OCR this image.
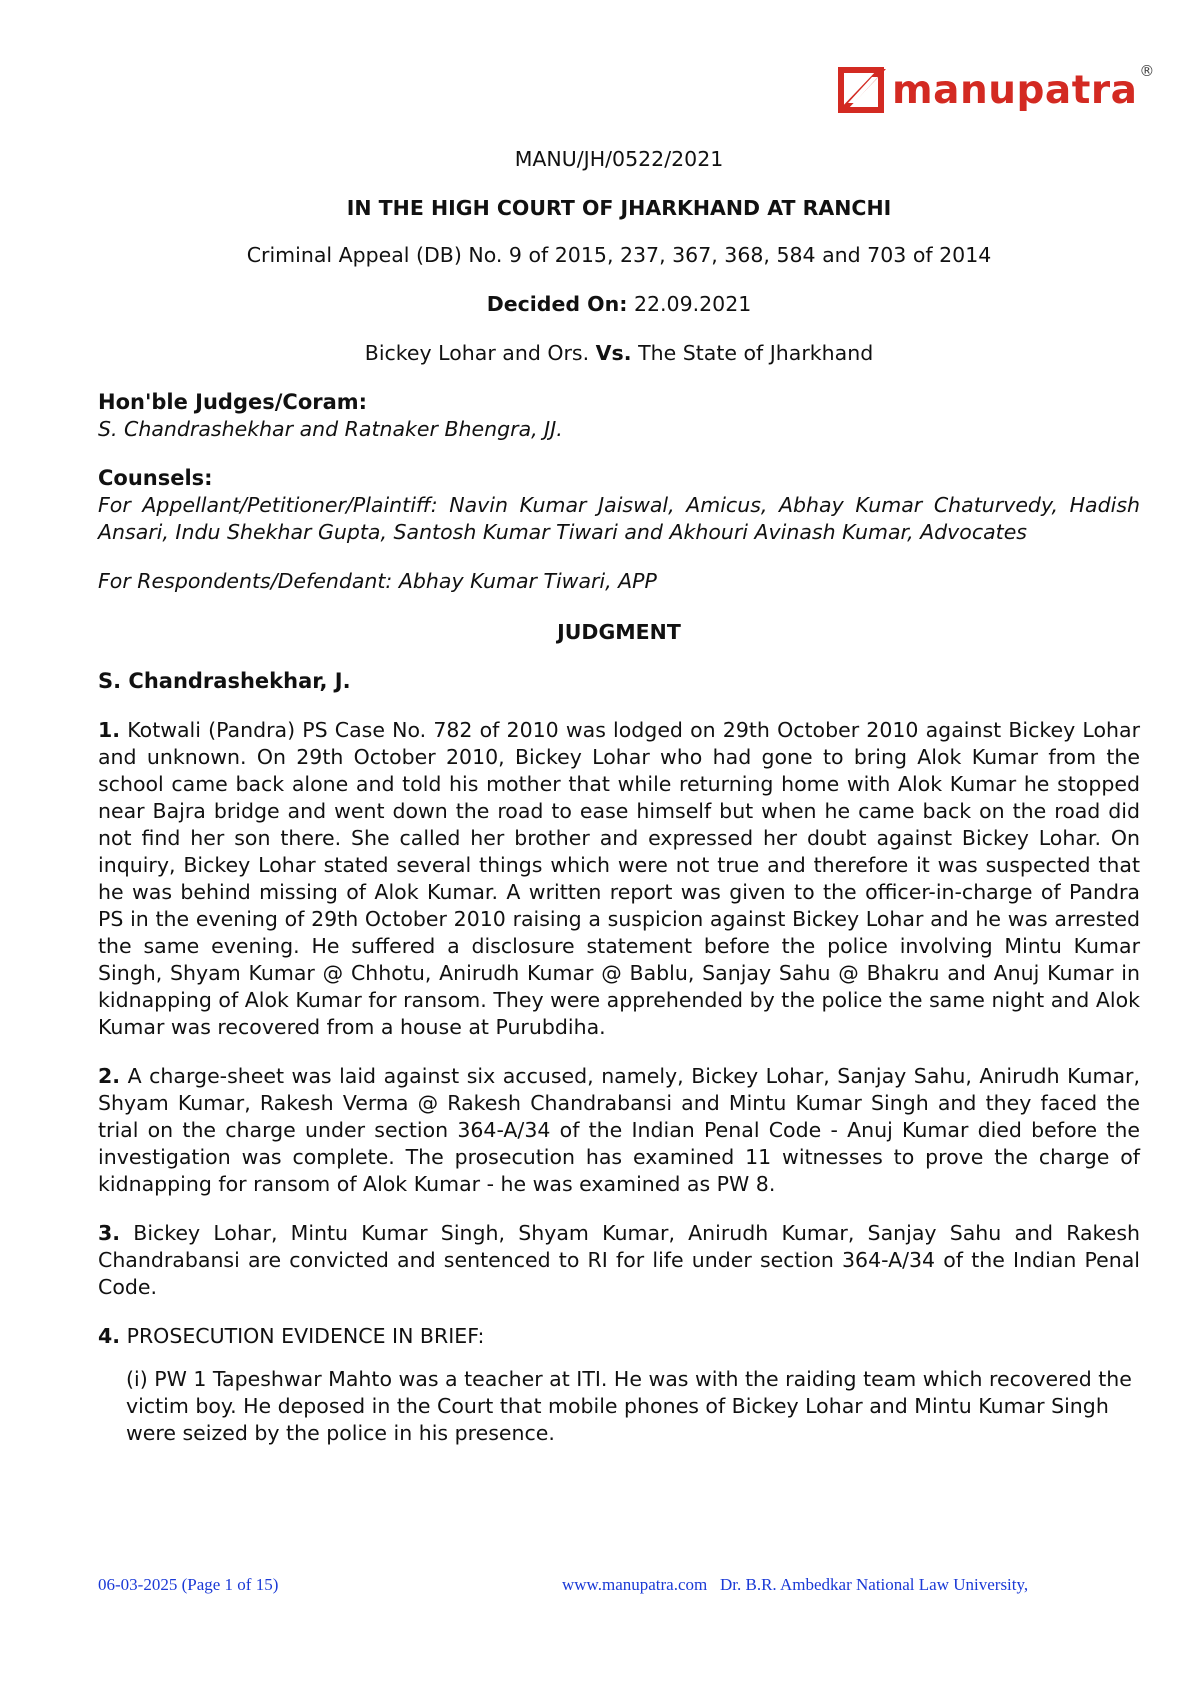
manupatra ®
MANU/JH/0522/2021
IN THE HIGH COURT OF JHARKHAND AT RANCHI
Criminal Appeal (DB) No. 9 of 2015, 237, 367, 368, 584 and 703 of 2014
Decided On: 22.09.2021
Bickey Lohar and Ors. Vs. The State of Jharkhand
Hon'ble Judges/Coram:
S. Chandrashekhar and Ratnaker Bhengra, JJ.
Counsels:
For Appellant/Petitioner/Plaintiff: Navin Kumar Jaiswal, Amicus, Abhay Kumar Chaturvedy, Hadish Ansari, Indu Shekhar Gupta, Santosh Kumar Tiwari and Akhouri Avinash Kumar, Advocates
For Respondents/Defendant: Abhay Kumar Tiwari, APP
JUDGMENT
S. Chandrashekhar, J.
1. Kotwali (Pandra) PS Case No. 782 of 2010 was lodged on 29th October 2010 against Bickey Lohar and unknown. On 29th October 2010, Bickey Lohar who had gone to bring Alok Kumar from the school came back alone and told his mother that while returning home with Alok Kumar he stopped near Bajra bridge and went down the road to ease himself but when he came back on the road did not find her son there. She called her brother and expressed her doubt against Bickey Lohar. On inquiry, Bickey Lohar stated several things which were not true and therefore it was suspected that he was behind missing of Alok Kumar. A written report was given to the officer-in-charge of Pandra PS in the evening of 29th October 2010 raising a suspicion against Bickey Lohar and he was arrested the same evening. He suffered a disclosure statement before the police involving Mintu Kumar Singh, Shyam Kumar @ Chhotu, Anirudh Kumar @ Bablu, Sanjay Sahu @ Bhakru and Anuj Kumar in kidnapping of Alok Kumar for ransom. They were apprehended by the police the same night and Alok Kumar was recovered from a house at Purubdiha.
2. A charge-sheet was laid against six accused, namely, Bickey Lohar, Sanjay Sahu, Anirudh Kumar, Shyam Kumar, Rakesh Verma @ Rakesh Chandrabansi and Mintu Kumar Singh and they faced the trial on the charge under section 364-A/34 of the Indian Penal Code - Anuj Kumar died before the investigation was complete. The prosecution has examined 11 witnesses to prove the charge of kidnapping for ransom of Alok Kumar - he was examined as PW 8.
3. Bickey Lohar, Mintu Kumar Singh, Shyam Kumar, Anirudh Kumar, Sanjay Sahu and Rakesh Chandrabansi are convicted and sentenced to RI for life under section 364-A/34 of the Indian Penal Code.
4. PROSECUTION EVIDENCE IN BRIEF:
(i) PW 1 Tapeshwar Mahto was a teacher at ITI. He was with the raiding team which recovered the victim boy. He deposed in the Court that mobile phones of Bickey Lohar and Mintu Kumar Singh were seized by the police in his presence.
06-03-2025 (Page 1 of 15)	www.manupatra.com Dr. B.R. Ambedkar National Law University,
